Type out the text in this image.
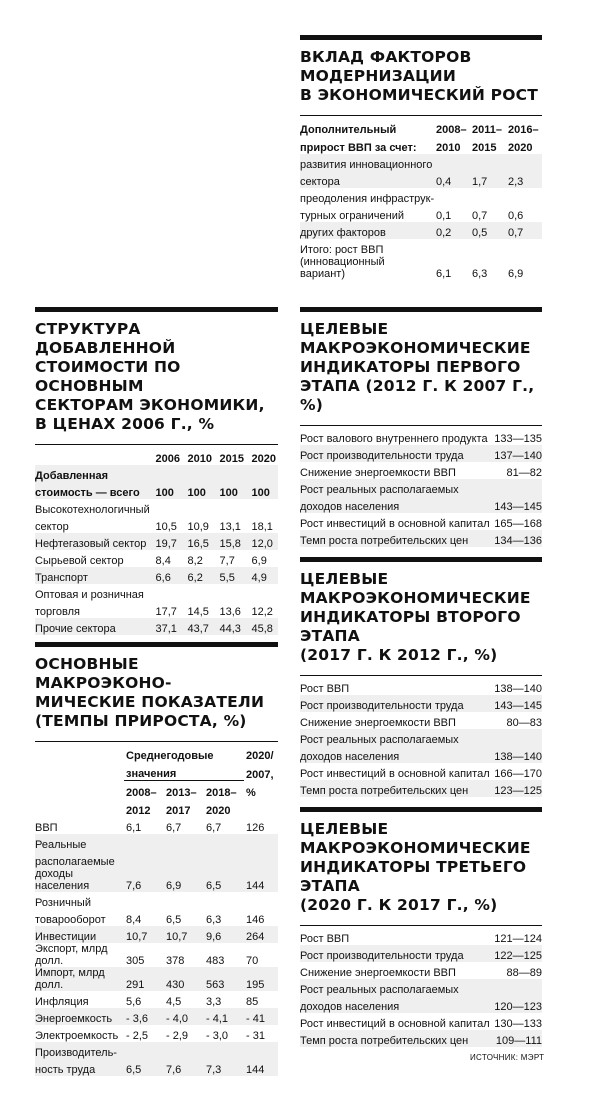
ВКЛАД ФАКТОРОВ
МОДЕРНИЗАЦИИ
В ЭКОНОМИЧЕСКИЙ РОСТ
Дополнительный	2008–	2011–	2016–
прирост ВВП за счет:	2010	2015	2020
развития инновационного			
сектора	0,4	1,7	2,3
преодоления инфраструк-			
турных ограничений	0,1	0,7	0,6
других факторов	0,2	0,5	0,7
Итого: рост ВВП			
(инновационный вариант)	6,1	6,3	6,9
СТРУКТУРА ДОБАВЛЕННОЙ
СТОИМОСТИ ПО ОСНОВНЫМ
СЕКТОРАМ ЭКОНОМИКИ,
В ЦЕНАХ 2006 Г., %
	2006	2010	2015	2020
Добавленная				
стоимость — всего	100	100	100	100
Высокотехнологичный				
сектор	10,5	10,9	13,1	18,1
Нефтегазовый сектор	19,7	16,5	15,8	12,0
Сырьевой сектор	8,4	8,2	7,7	6,9
Транспорт	6,6	6,2	5,5	4,9
Оптовая и розничная				
торговля	17,7	14,5	13,6	12,2
Прочие сектора	37,1	43,7	44,3	45,8
ОСНОВНЫЕ МАКРОЭКОНО-
МИЧЕСКИЕ ПОКАЗАТЕЛИ
(ТЕМПЫ ПРИРОСТА, %)
	Среднегодовые			2020/
	значения			2007,
	2008–	2013–	2018–	%
	2012	2017	2020	
ВВП	6,1	6,7	6,7	126
Реальные				
располагаемые				
доходы населения	7,6	6,9	6,5	144
Розничный				
товарооборот	8,4	6,5	6,3	146
Инвестиции	10,7	10,7	9,6	264
Экспорт, млрд долл.	305	378	483	70
Импорт, млрд долл.	291	430	563	195
Инфляция	5,6	4,5	3,3	85
Энергоемкость	- 3,6	- 4,0	- 4,1	- 41
Электроемкость	- 2,5	- 2,9	- 3,0	- 31
Производитель-				
ность труда	6,5	7,6	7,3	144
ЦЕЛЕВЫЕ
МАКРОЭКОНОМИЧЕСКИЕ
ИНДИКАТОРЫ ПЕРВОГО
ЭТАПА (2012 Г. К 2007 Г., %)
Рост валового внутреннего продукта	133—135
Рост производительности труда	137—140
Снижение энергоемкости ВВП	81—82
Рост реальных располагаемых	
доходов населения	143—145
Рост инвестиций в основной капитал	165—168
Темп роста потребительских цен	134—136
ЦЕЛЕВЫЕ
МАКРОЭКОНОМИЧЕСКИЕ
ИНДИКАТОРЫ ВТОРОГО ЭТАПА
(2017 Г. К 2012 Г., %)
Рост ВВП	138—140
Рост производительности труда	143—145
Снижение энергоемкости ВВП	80—83
Рост реальных располагаемых	
доходов населения	138—140
Рост инвестиций в основной капитал	166—170
Темп роста потребительских цен	123—125
ЦЕЛЕВЫЕ
МАКРОЭКОНОМИЧЕСКИЕ
ИНДИКАТОРЫ ТРЕТЬЕГО ЭТАПА
(2020 Г. К 2017 Г., %)
Рост ВВП	121—124
Рост производительности труда	122—125
Снижение энергоемкости ВВП	88—89
Рост реальных располагаемых	
доходов населения	120—123
Рост инвестиций в основной капитал	130—133
Темп роста потребительских цен	109—111
ИСТОЧНИК: МЭРТ
